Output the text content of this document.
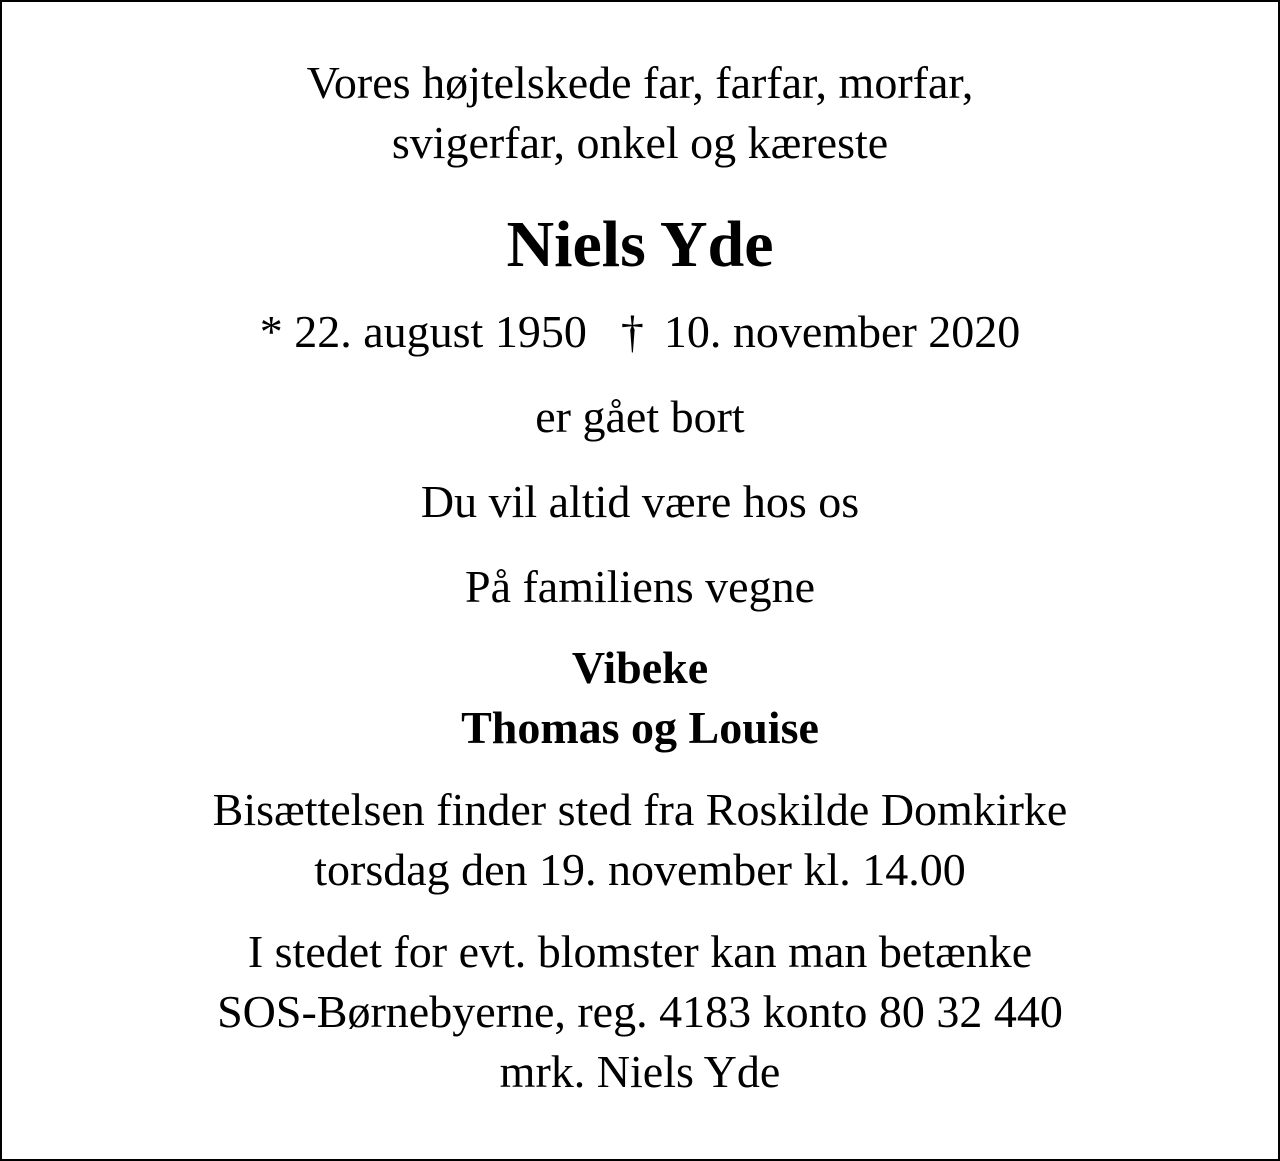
Vores højtelskede far, farfar, morfar,
svigerfar, onkel og kæreste
Niels Yde
* 22. august 1950 † 10. november 2020
er gået bort
Du vil altid være hos os
På familiens vegne
Vibeke
Thomas og Louise
Bisættelsen finder sted fra Roskilde Domkirke
torsdag den 19. november kl. 14.00
I stedet for evt. blomster kan man betænke
SOS-Børnebyerne, reg. 4183 konto 80 32 440
mrk. Niels Yde
